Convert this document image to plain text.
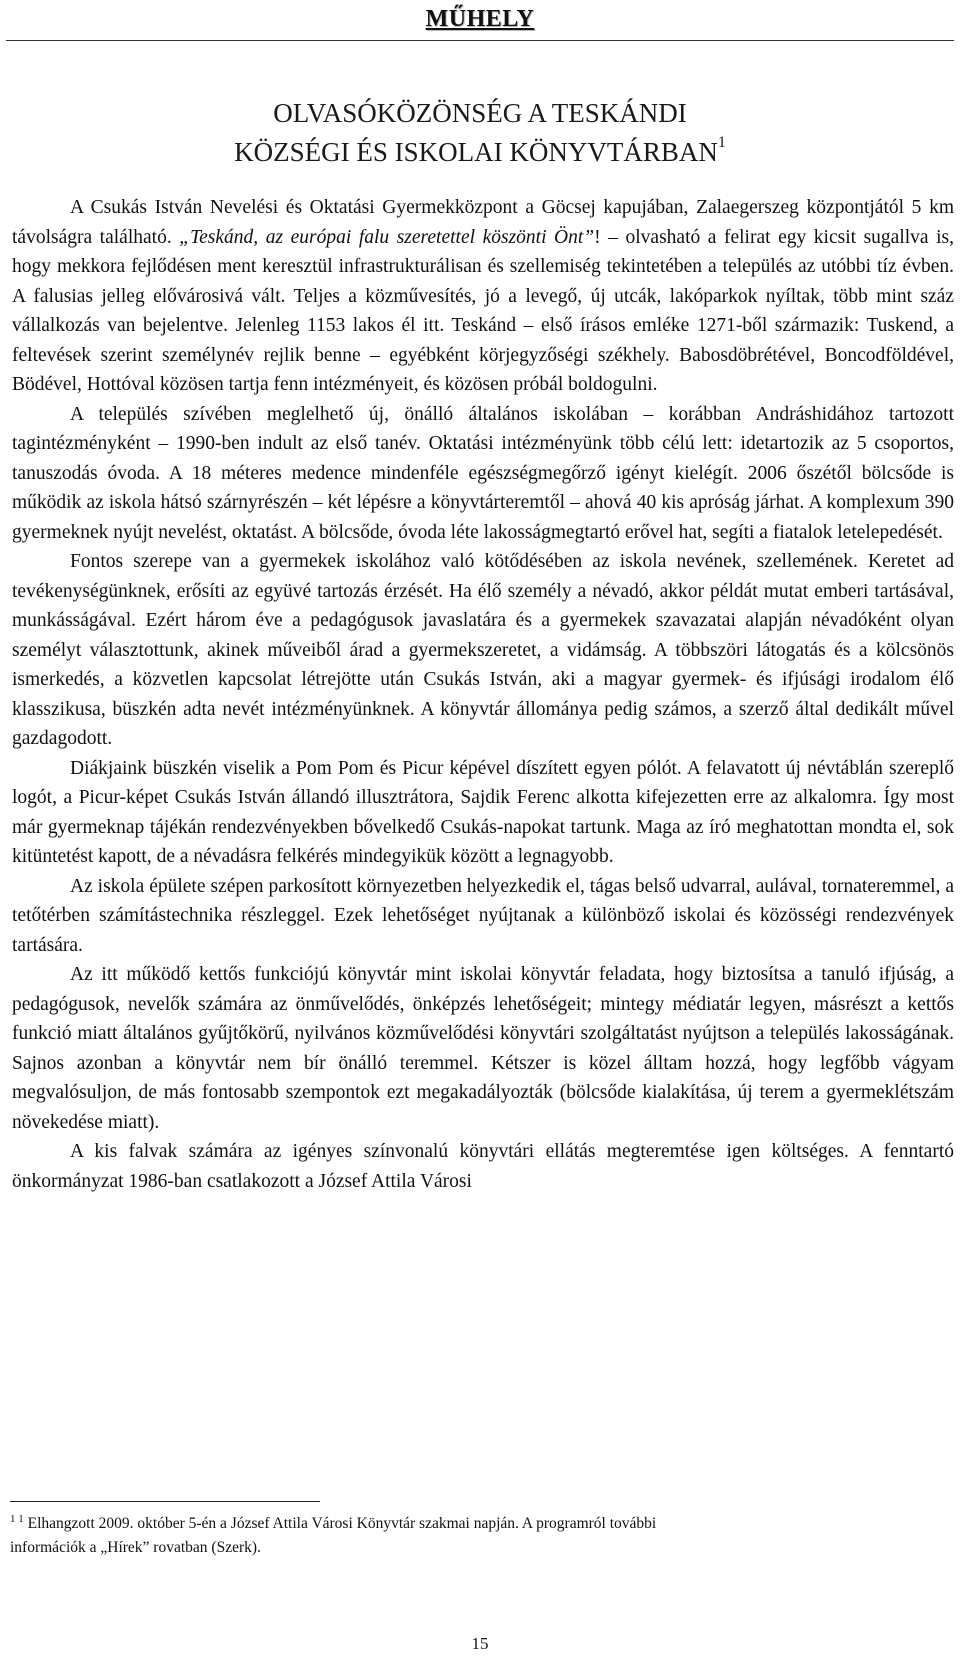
MŰHELY
OLVASÓKÖZÖNSÉG A TESKÁNDI
KÖZSÉGI ÉS ISKOLAI KÖNYVTÁRBAN$^1$

A Csukás István Nevelési és Oktatási Gyermekközpont a Göcsej kapujában, Zalaegerszeg központjától 5 km távolságra található. „Teskánd, az európai falu szeretettel köszönti Önt”! – olvasható a felirat egy kicsit sugallva is, hogy mekkora fejlődésen ment keresztül infrastrukturálisan és szellemiség tekintetében a település az utóbbi tíz évben. A falusias jelleg elővárosivá vált. Teljes a közművesítés, jó a levegő, új utcák, lakóparkok nyíltak, több mint száz vállalkozás van bejelentve. Jelenleg 1153 lakos él itt. Teskánd – első írásos emléke 1271-ből származik: Tuskend, a feltevések szerint személynév rejlik benne – egyébként körjegyzőségi székhely. Babosdöbrétével, Boncodföldével, Bödével, Hottóval közösen tartja fenn intézményeit, és közösen próbál boldogulni.

A település szívében meglelhető új, önálló általános iskolában – korábban Andráshidához tartozott tagintézményként – 1990-ben indult az első tanév. Oktatási intézményünk több célú lett: idetartozik az 5 csoportos, tanuszodás óvoda. A 18 méteres medence mindenféle egészségmegőrző igényt kielégít. 2006 őszétől bölcsőde is működik az iskola hátsó szárnyrészén – két lépésre a könyvtárteremtől – ahová 40 kis apróság járhat. A komplexum 390 gyermeknek nyújt nevelést, oktatást. A bölcsőde, óvoda léte lakosságmegtartó erővel hat, segíti a fiatalok letelepedését.

Fontos szerepe van a gyermekek iskolához való kötődésében az iskola nevének, szellemének. Keretet ad tevékenységünknek, erősíti az együvé tartozás érzését. Ha élő személy a névadó, akkor példát mutat emberi tartásával, munkásságával. Ezért három éve a pedagógusok javaslatára és a gyermekek szavazatai alapján névadóként olyan személyt választottunk, akinek műveiből árad a gyermekszeretet, a vidámság. A többszöri látogatás és a kölcsönös ismerkedés, a közvetlen kapcsolat létrejötte után Csukás István, aki a magyar gyermek- és ifjúsági irodalom élő klasszikusa, büszkén adta nevét intézményünknek. A könyvtár állománya pedig számos, a szerző által dedikált művel gazdagodott.

Diákjaink büszkén viselik a Pom Pom és Picur képével díszített egyen pólót. A felavatott új névtáblán szereplő logót, a Picur-képet Csukás István állandó illusztrátora, Sajdik Ferenc alkotta kifejezetten erre az alkalomra. Így most már gyermeknap tájékán rendezvényekben bővelkedő Csukás-napokat tartunk. Maga az író meghatottan mondta el, sok kitüntetést kapott, de a névadásra felkérés mindegyikük között a legnagyobb.

Az iskola épülete szépen parkosított környezetben helyezkedik el, tágas belső udvarral, aulával, tornateremmel, a tetőtérben számítástechnika részleggel. Ezek lehetőséget nyújtanak a különböző iskolai és közösségi rendezvények tartására.

Az itt működő kettős funkciójú könyvtár mint iskolai könyvtár feladata, hogy biztosítsa a tanuló ifjúság, a pedagógusok, nevelők számára az önművelődés, önképzés lehetőségeit; mintegy médiatár legyen, másrészt a kettős funkció miatt általános gyűjtőkörű, nyilvános közművelődési könyvtári szolgáltatást nyújtson a település lakosságának. Sajnos azonban a könyvtár nem bír önálló teremmel. Kétszer is közel álltam hozzá, hogy legfőbb vágyam megvalósuljon, de más fontosabb szempontok ezt megakadályozták (bölcsőde kialakítása, új terem a gyermeklétszám növekedése miatt).

A kis falvak számára az igényes színvonalú könyvtári ellátás megteremtése igen költséges. A fenntartó önkormányzat 1986-ban csatlakozott a József Attila Városi

$^{1 1}$ Elhangzott 2009. október 5-én a József Attila Városi Könyvtár szakmai napján. A programról további
információk a „Hírek” rovatban (Szerk).
15
